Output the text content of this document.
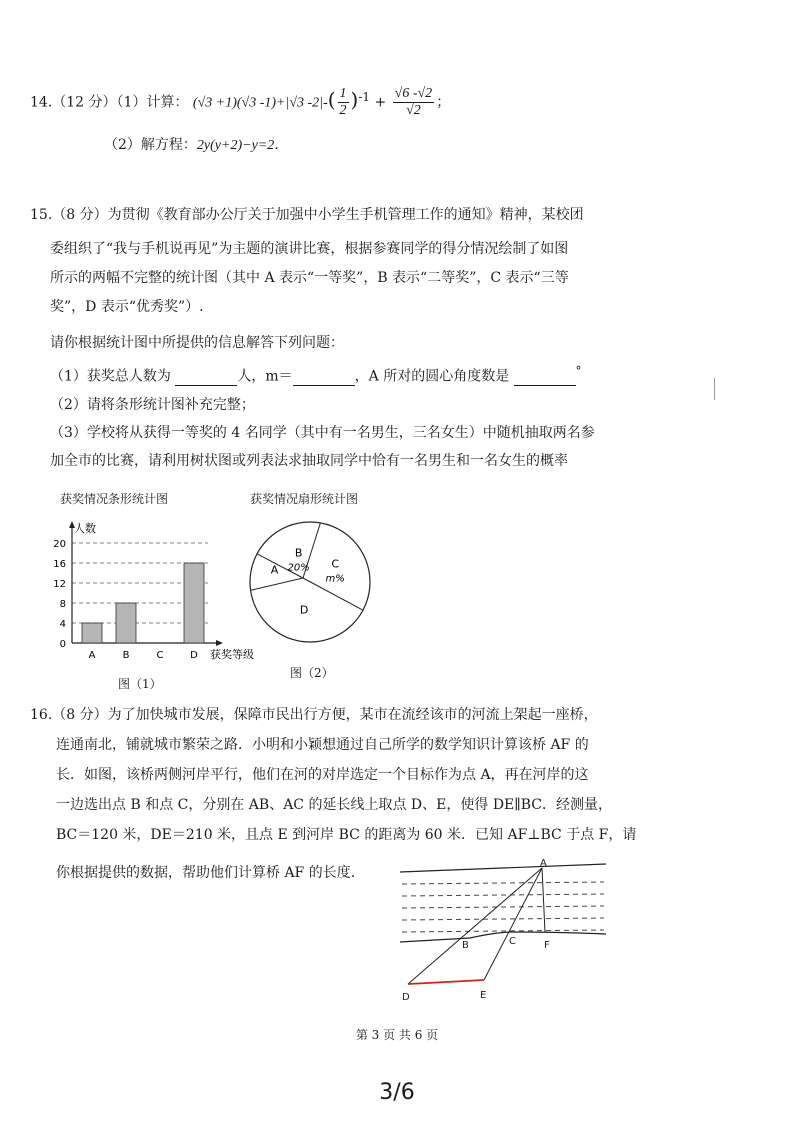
14.（12 分）（1）计算： (√3 +1)(√3 -1)+|√3 $-2|-( \frac{1}{2} )^{-1} + \frac{√6 -√2}{√2}$ ；
（2）解方程：2y(y+2)−y=2．
15.（8 分）为贯彻《教育部办公厅关于加强中小学生手机管理工作的通知》精神，某校团
委组织了“我与手机说再见”为主题的演讲比赛，根据参赛同学的得分情况绘制了如图
所示的两幅不完整的统计图（其中 A 表示“一等奖”，B 表示“二等奖”，C 表示“三等
奖”，D 表示“优秀奖”）.
请你根据统计图中所提供的信息解答下列问题：
（1）获奖总人数为	人，m＝	，A 所对的圆心角度数是	°
（2）请将条形统计图补充完整；
（3）学校将从获得一等奖的 4 名同学（其中有一名男生，三名女生）中随机抽取两名参
加全市的比赛，请利用树状图或列表法求抽取同学中恰有一名男生和一名女生的概率
获奖情况条形统计图	获奖情况扇形统计图
0
4
8
12
16
20
人数
获奖等级
A	B	C	D
图（1）
A
B
20% C
m%
D
图（2）
16.（8 分）为了加快城市发展，保障市民出行方便，某市在流经该市的河流上架起一座桥，
连通南北，铺就城市繁荣之路．小明和小颖想通过自己所学的数学知识计算该桥 AF 的
长．如图，该桥两侧河岸平行，他们在河的对岸选定一个目标作为点 A，再在河岸的这
一边选出点 B 和点 C，分别在 AB、AC 的延长线上取点 D、E，使得 DE∥BC．经测量，
BC＝120 米，DE＝210 米，且点 E 到河岸 BC 的距离为 60 米．已知 AF⊥BC 于点 F，请
你根据提供的数据，帮助他们计算桥 AF 的长度.
A
B	C	F
D	E
第 3 页 共 6 页
3/6
